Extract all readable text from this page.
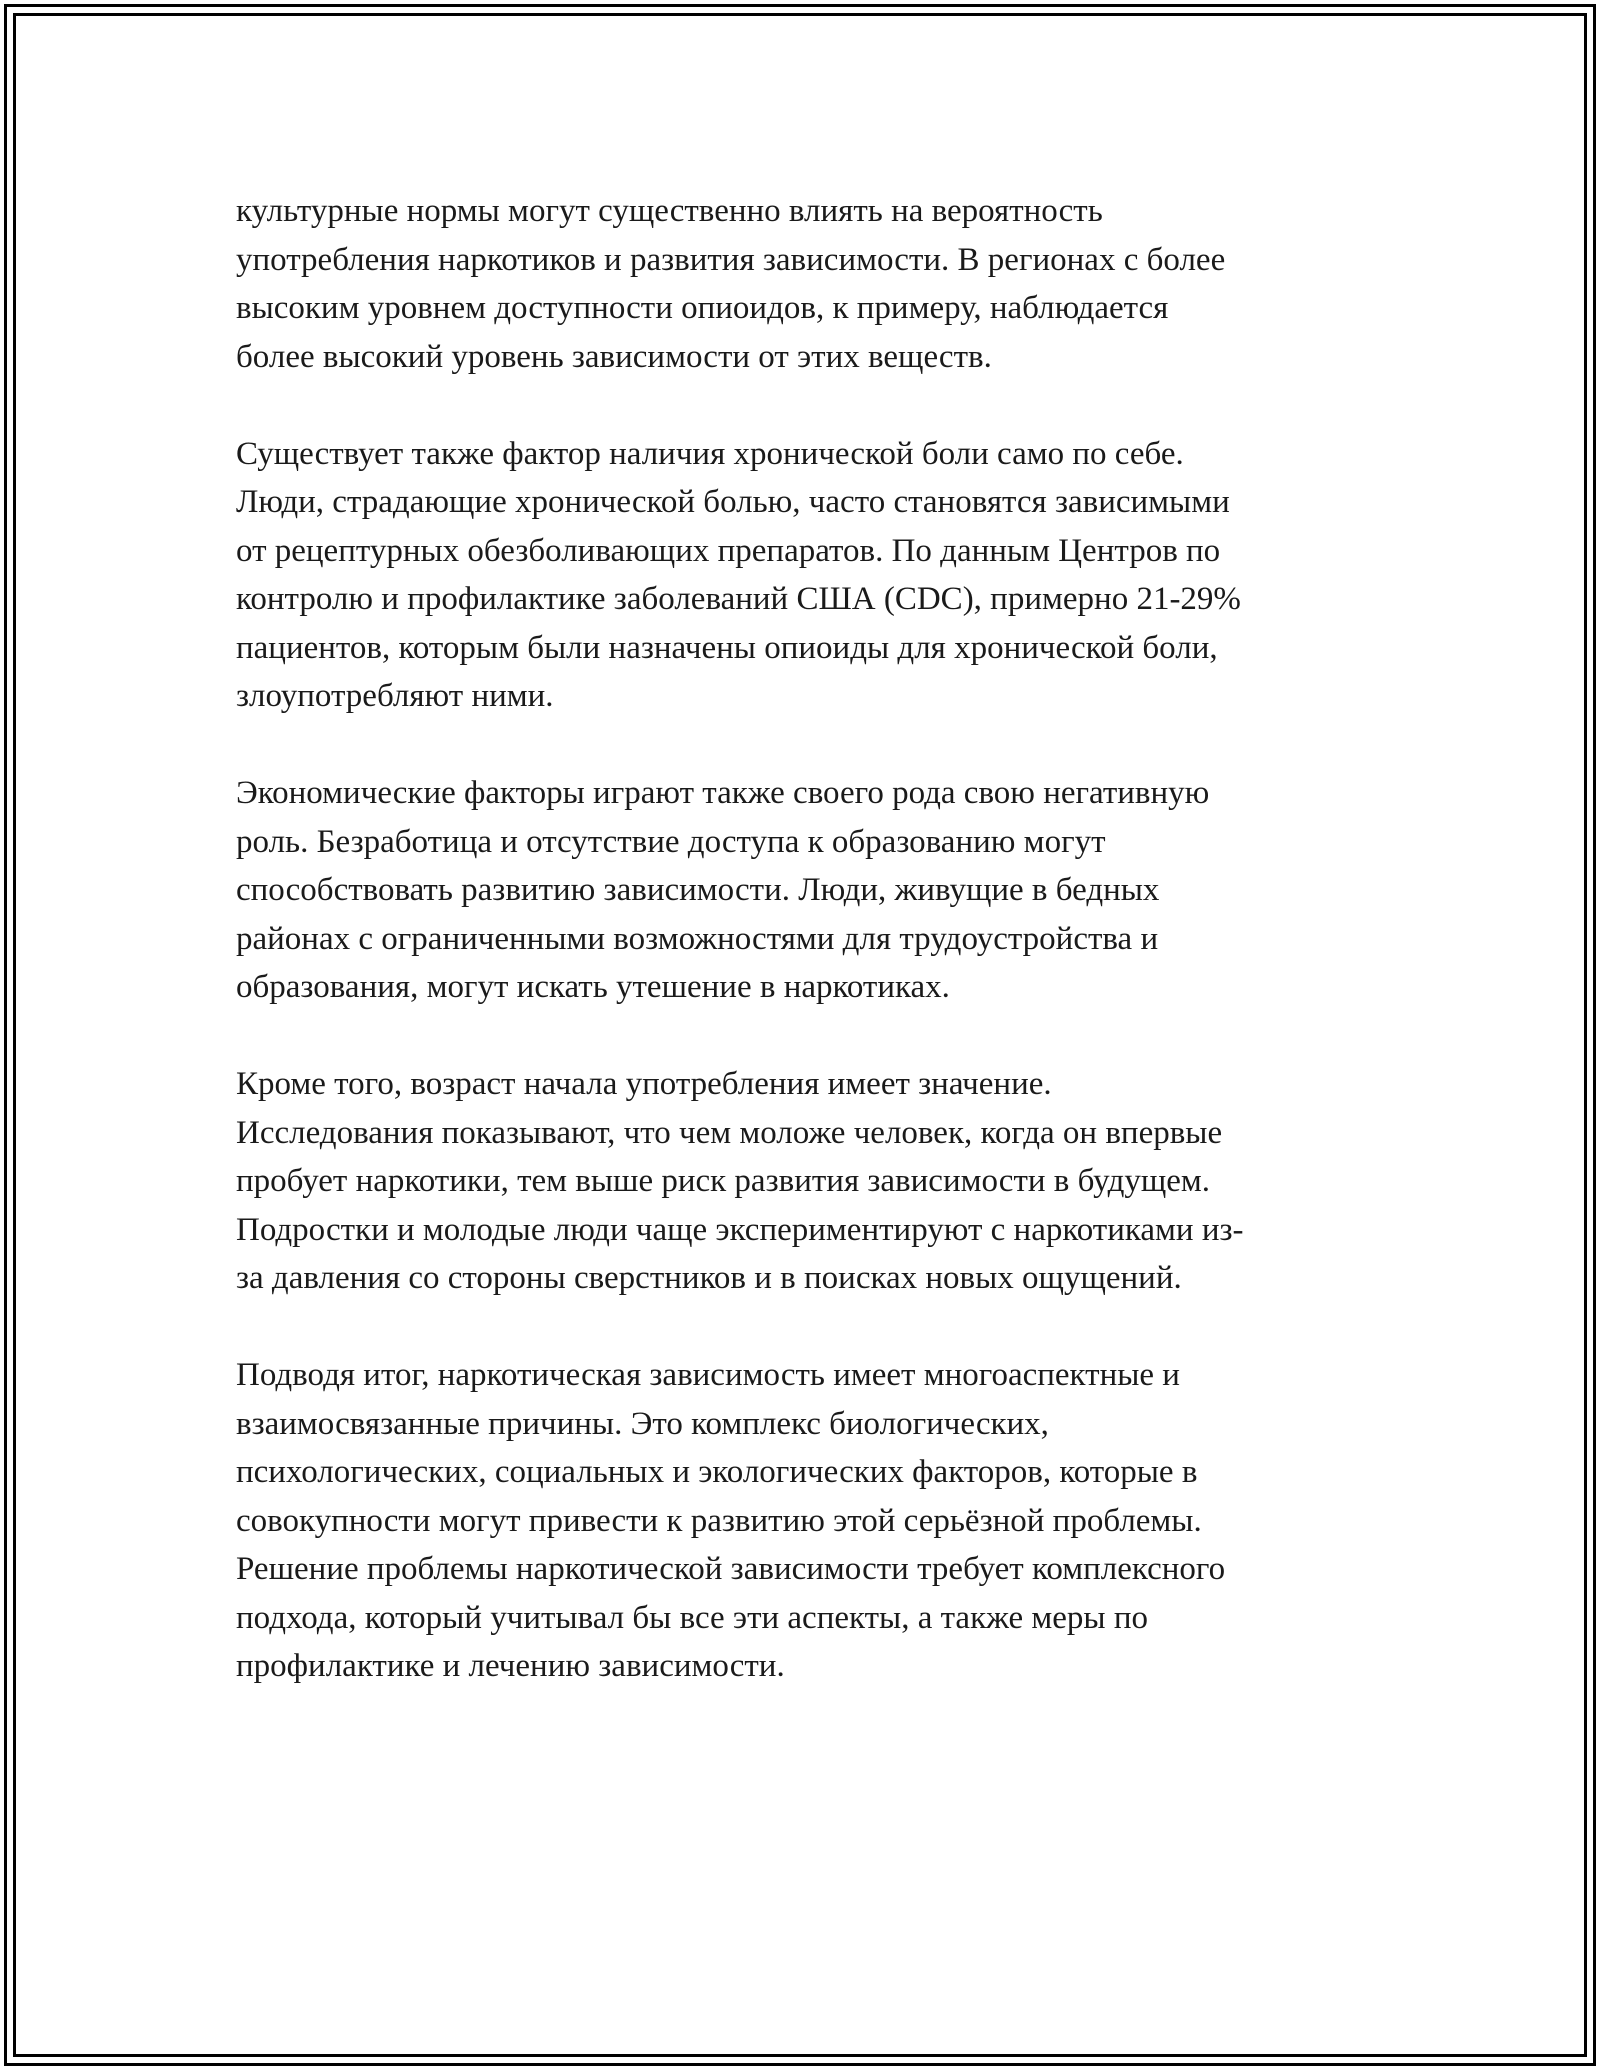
культурные нормы могут существенно влиять на вероятность
употребления наркотиков и развития зависимости. В регионах с более
высоким уровнем доступности опиоидов, к примеру, наблюдается
более высокий уровень зависимости от этих веществ.

Существует также фактор наличия хронической боли само по себе.
Люди, страдающие хронической болью, часто становятся зависимыми
от рецептурных обезболивающих препаратов. По данным Центров по
контролю и профилактике заболеваний США (CDC), примерно 21-29%
пациентов, которым были назначены опиоиды для хронической боли,
злоупотребляют ними.

Экономические факторы играют также своего рода свою негативную
роль. Безработица и отсутствие доступа к образованию могут
способствовать развитию зависимости. Люди, живущие в бедных
районах с ограниченными возможностями для трудоустройства и
образования, могут искать утешение в наркотиках.

Кроме того, возраст начала употребления имеет значение.
Исследования показывают, что чем моложе человек, когда он впервые
пробует наркотики, тем выше риск развития зависимости в будущем.
Подростки и молодые люди чаще экспериментируют с наркотиками из-
за давления со стороны сверстников и в поисках новых ощущений.

Подводя итог, наркотическая зависимость имеет многоаспектные и
взаимосвязанные причины. Это комплекс биологических,
психологических, социальных и экологических факторов, которые в
совокупности могут привести к развитию этой серьёзной проблемы.
Решение проблемы наркотической зависимости требует комплексного
подхода, который учитывал бы все эти аспекты, а также меры по
профилактике и лечению зависимости.
